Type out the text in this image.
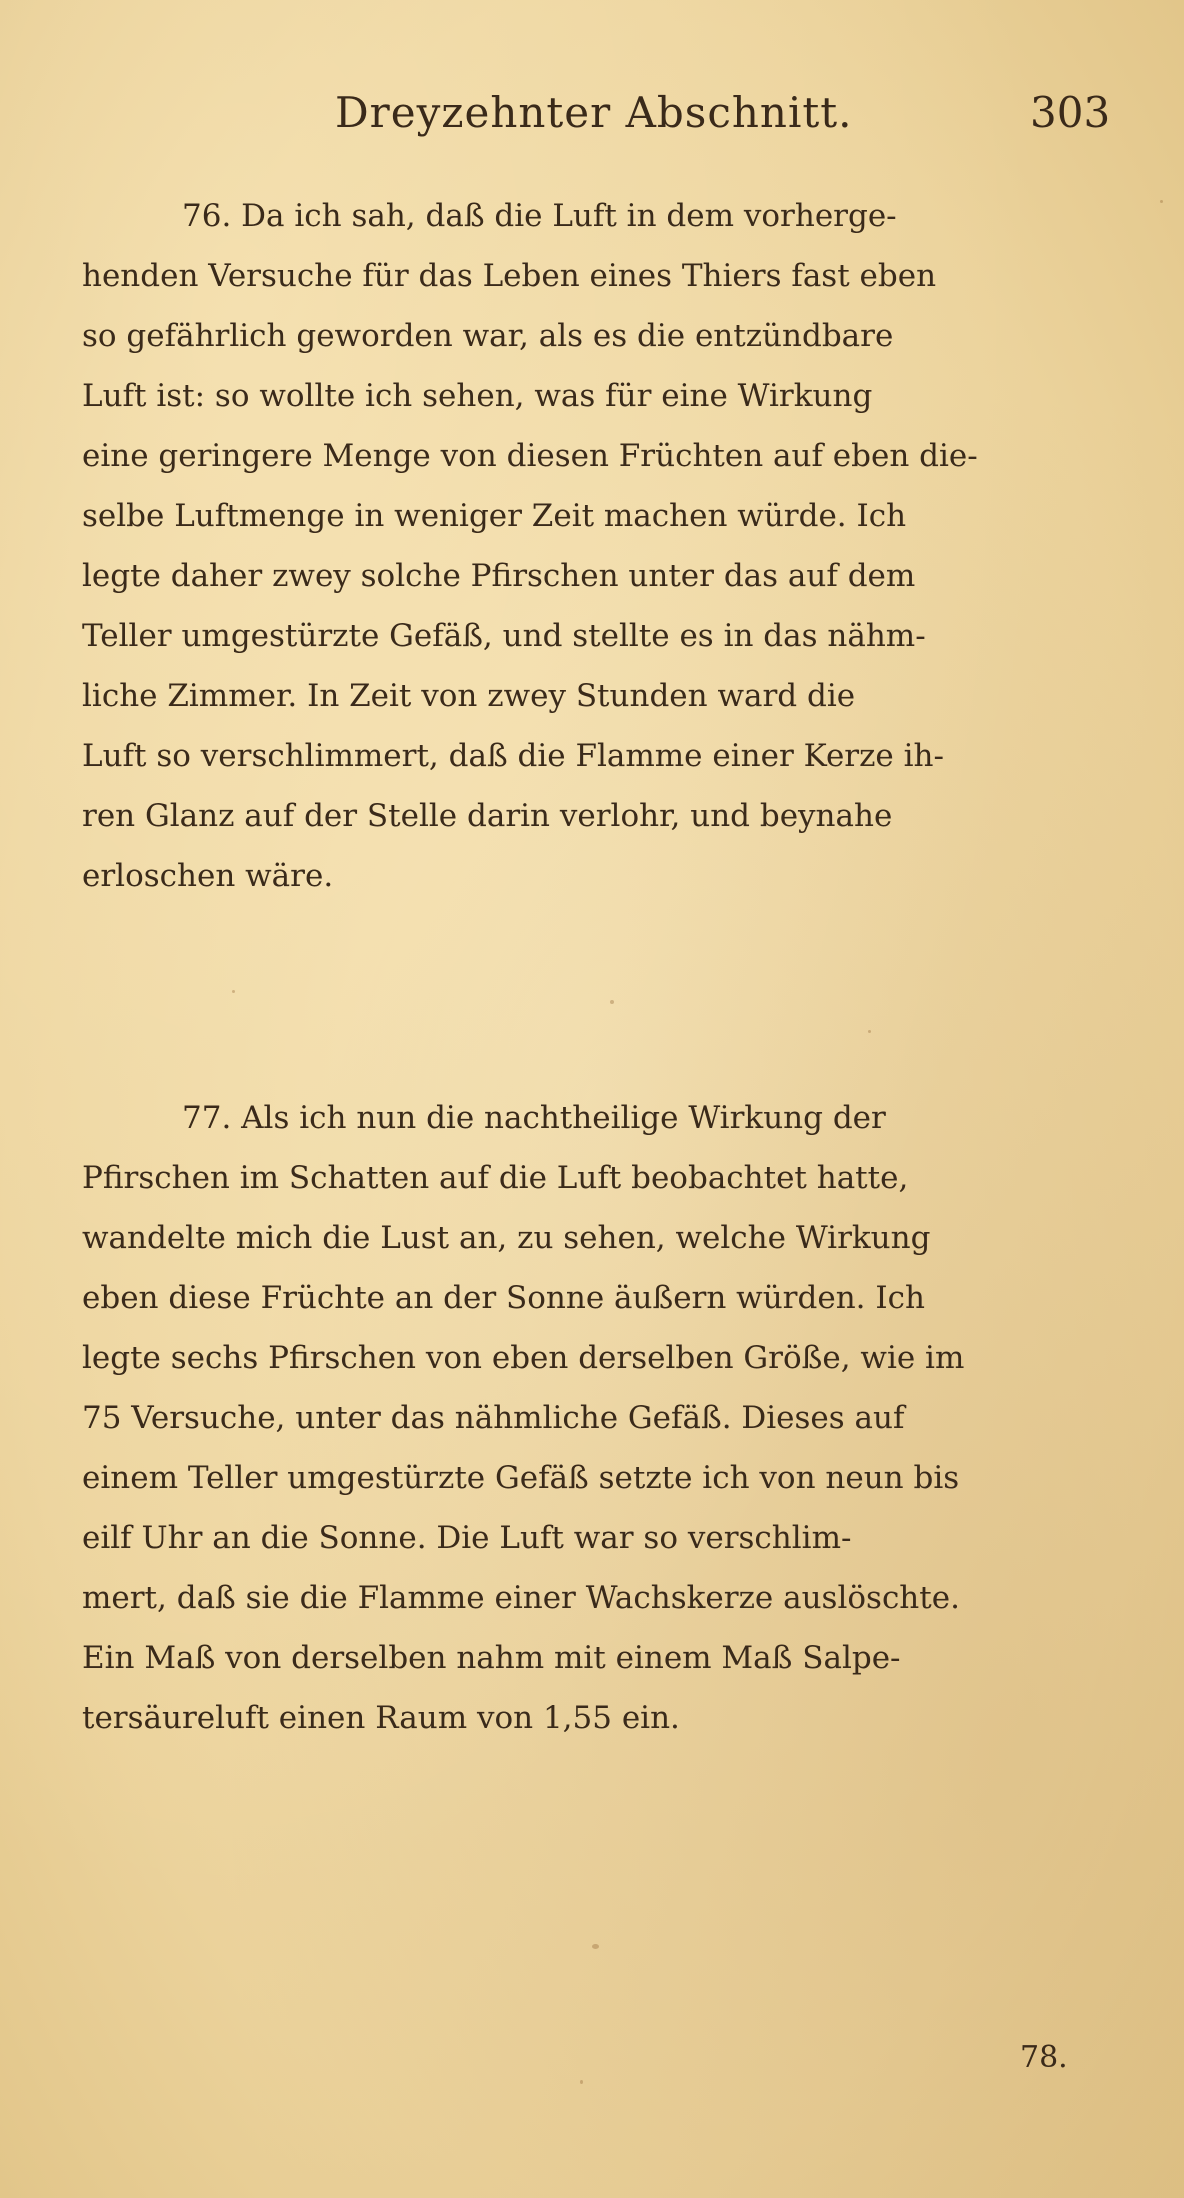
Dreyzehnter Abschnitt.	303
76. Da ich sah, daß die Luft in dem vorherge-
henden Versuche für das Leben eines Thiers fast eben
so gefährlich geworden war, als es die entzündbare
Luft ist: so wollte ich sehen, was für eine Wirkung
eine geringere Menge von diesen Früchten auf eben die-
selbe Luftmenge in weniger Zeit machen würde. Ich
legte daher zwey solche Pfirschen unter das auf dem
Teller umgestürzte Gefäß, und stellte es in das nähm-
liche Zimmer. In Zeit von zwey Stunden ward die
Luft so verschlimmert, daß die Flamme einer Kerze ih-
ren Glanz auf der Stelle darin verlohr, und beynahe
erloschen wäre.
77. Als ich nun die nachtheilige Wirkung der
Pfirschen im Schatten auf die Luft beobachtet hatte,
wandelte mich die Lust an, zu sehen, welche Wirkung
eben diese Früchte an der Sonne äußern würden. Ich
legte sechs Pfirschen von eben derselben Größe, wie im
75 Versuche, unter das nähmliche Gefäß. Dieses auf
einem Teller umgestürzte Gefäß setzte ich von neun bis
eilf Uhr an die Sonne. Die Luft war so verschlim-
mert, daß sie die Flamme einer Wachskerze auslöschte.
Ein Maß von derselben nahm mit einem Maß Salpe-
tersäureluft einen Raum von 1,55 ein.
78.
